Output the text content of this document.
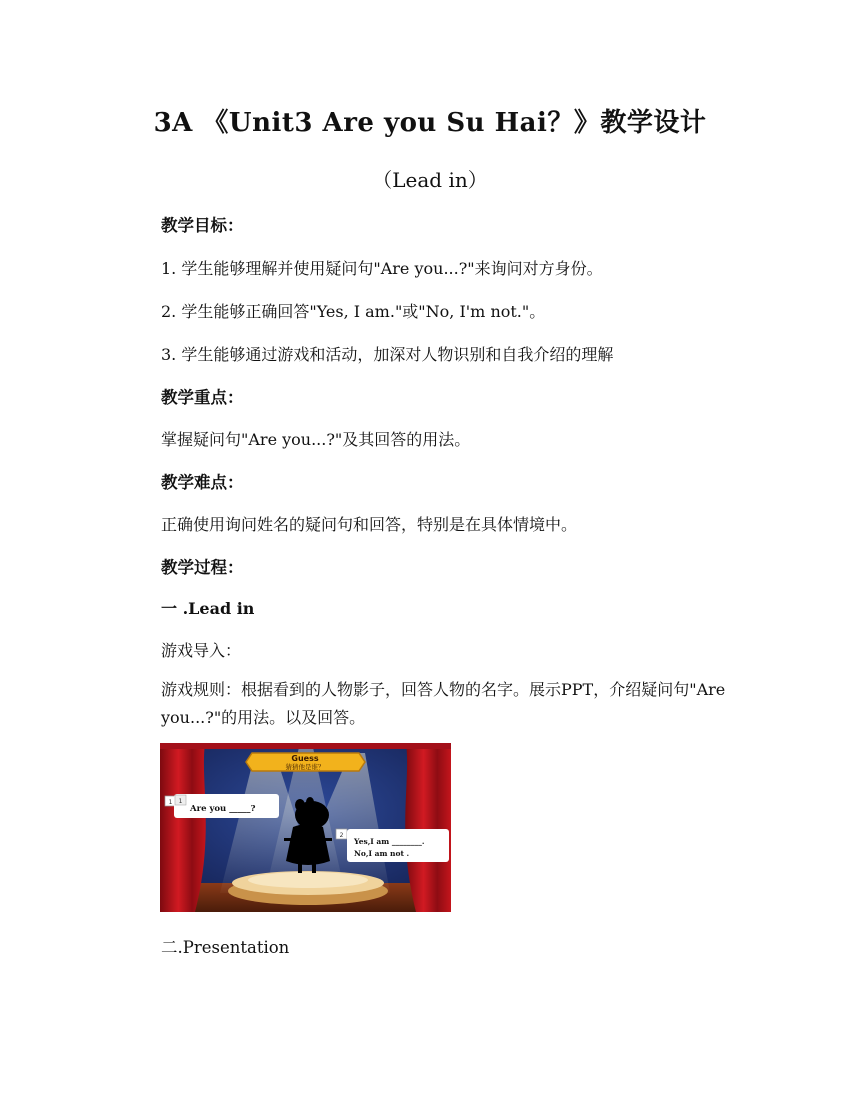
3A 《Unit3 Are you Su Hai？》教学设计
（Lead in）
教学目标：
1. 学生能够理解并使用疑问句"Are you...?"来询问对方身份。
2. 学生能够正确回答"Yes, I am."或"No, I'm not."。
3. 学生能够通过游戏和活动，加深对人物识别和自我介绍的理解
教学重点：
掌握疑问句"Are you...?"及其回答的用法。
教学难点：
正确使用询问姓名的疑问句和回答，特别是在具体情境中。
教学过程：
一 .Lead in
游戏导入：
游戏规则：根据看到的人物影子，回答人物的名字。展示PPT，介绍疑问句"Are you...?"的用法。以及回答。
Guess
猜猜他是谁？
1 1
Are you _____?
2
Yes,I am ________.
No,I am not .
二.Presentation
